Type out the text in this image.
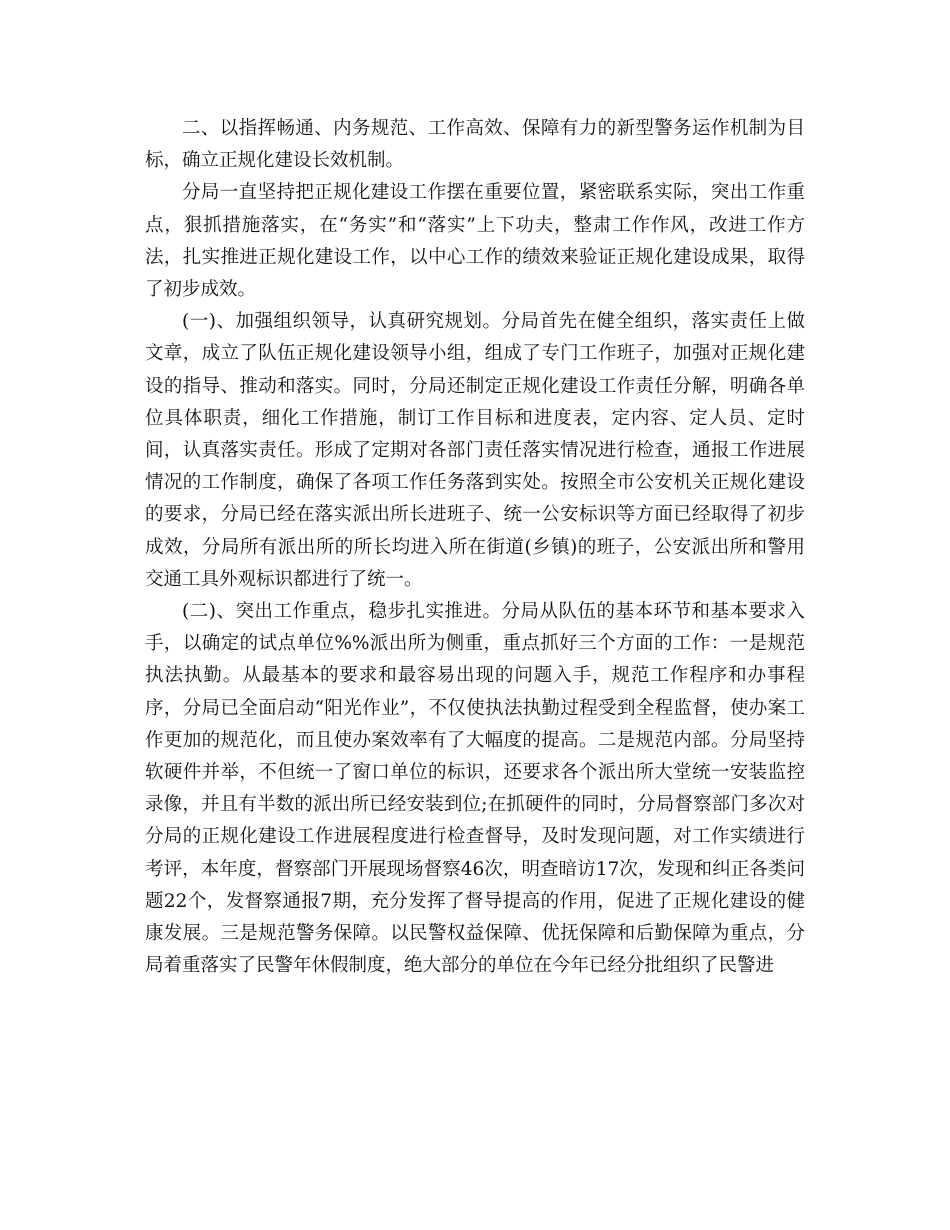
二、以指挥畅通、内务规范、工作高效、保障有力的新型警务运作机制为目标，确立正规化建设长效机制。

分局一直坚持把正规化建设工作摆在重要位置，紧密联系实际，突出工作重点，狠抓措施落实，在“务实”和“落实”上下功夫，整肃工作作风，改进工作方法，扎实推进正规化建设工作，以中心工作的绩效来验证正规化建设成果，取得了初步成效。

(一)、加强组织领导，认真研究规划。分局首先在健全组织，落实责任上做文章，成立了队伍正规化建设领导小组，组成了专门工作班子，加强对正规化建设的指导、推动和落实。同时，分局还制定正规化建设工作责任分解，明确各单位具体职责，细化工作措施，制订工作目标和进度表，定内容、定人员、定时间，认真落实责任。形成了定期对各部门责任落实情况进行检查，通报工作进展情况的工作制度，确保了各项工作任务落到实处。按照全市公安机关正规化建设的要求，分局已经在落实派出所长进班子、统一公安标识等方面已经取得了初步成效，分局所有派出所的所长均进入所在街道(乡镇)的班子，公安派出所和警用交通工具外观标识都进行了统一。

(二)、突出工作重点，稳步扎实推进。分局从队伍的基本环节和基本要求入手，以确定的试点单位%%派出所为侧重，重点抓好三个方面的工作：一是规范执法执勤。从最基本的要求和最容易出现的问题入手，规范工作程序和办事程序，分局已全面启动“阳光作业”，不仅使执法执勤过程受到全程监督，使办案工作更加的规范化，而且使办案效率有了大幅度的提高。二是规范内部。分局坚持软硬件并举，不但统一了窗口单位的标识，还要求各个派出所大堂统一安装监控录像，并且有半数的派出所已经安装到位;在抓硬件的同时，分局督察部门多次对分局的正规化建设工作进展程度进行检查督导，及时发现问题，对工作实绩进行考评，本年度，督察部门开展现场督察46次，明查暗访17次，发现和纠正各类问题22个，发督察通报7期，充分发挥了督导提高的作用，促进了正规化建设的健康发展。三是规范警务保障。以民警权益保障、优抚保障和后勤保障为重点，分局着重落实了民警年休假制度，绝大部分的单位在今年已经分批组织了民警进
